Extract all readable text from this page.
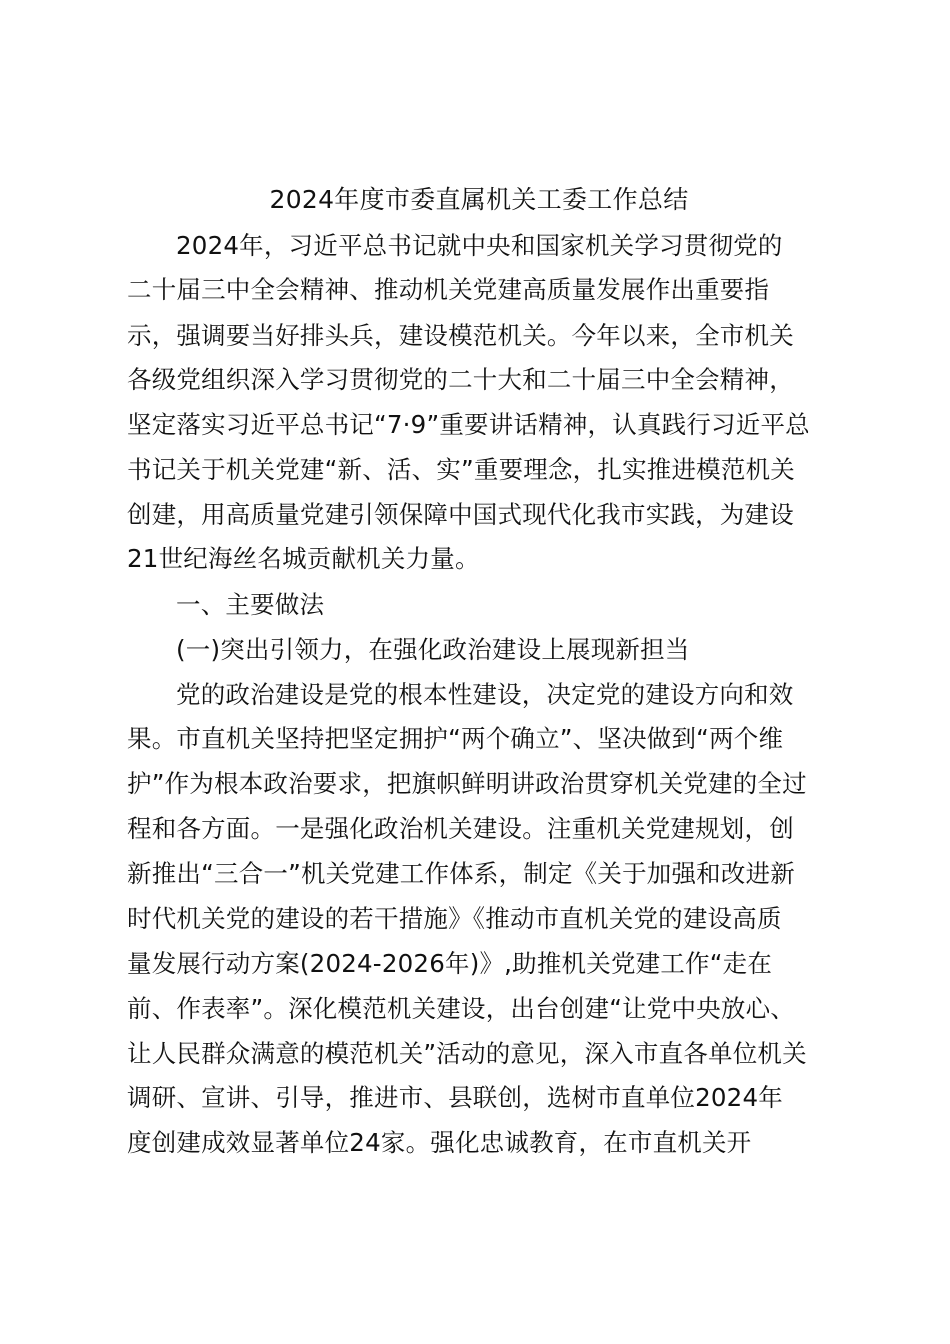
2024年度市委直属机关工委工作总结
2024年，习近平总书记就中央和国家机关学习贯彻党的
二十届三中全会精神、推动机关党建高质量发展作出重要指
示，强调要当好排头兵，建设模范机关。今年以来，全市机关
各级党组织深入学习贯彻党的二十大和二十届三中全会精神，
坚定落实习近平总书记“7·9”重要讲话精神，认真践行习近平总
书记关于机关党建“新、活、实”重要理念，扎实推进模范机关
创建，用高质量党建引领保障中国式现代化我市实践，为建设
21世纪海丝名城贡献机关力量。
一、主要做法
(一)突出引领力，在强化政治建设上展现新担当
党的政治建设是党的根本性建设，决定党的建设方向和效
果。市直机关坚持把坚定拥护“两个确立”、坚决做到“两个维
护”作为根本政治要求，把旗帜鲜明讲政治贯穿机关党建的全过
程和各方面。一是强化政治机关建设。注重机关党建规划，创
新推出“三合一”机关党建工作体系，制定《关于加强和改进新
时代机关党的建设的若干措施》《推动市直机关党的建设高质
量发展行动方案(2024-2026年)》,助推机关党建工作“走在
前、作表率”。深化模范机关建设，出台创建“让党中央放心、
让人民群众满意的模范机关”活动的意见，深入市直各单位机关
调研、宣讲、引导，推进市、县联创，选树市直单位2024年
度创建成效显著单位24家。强化忠诚教育，在市直机关开
